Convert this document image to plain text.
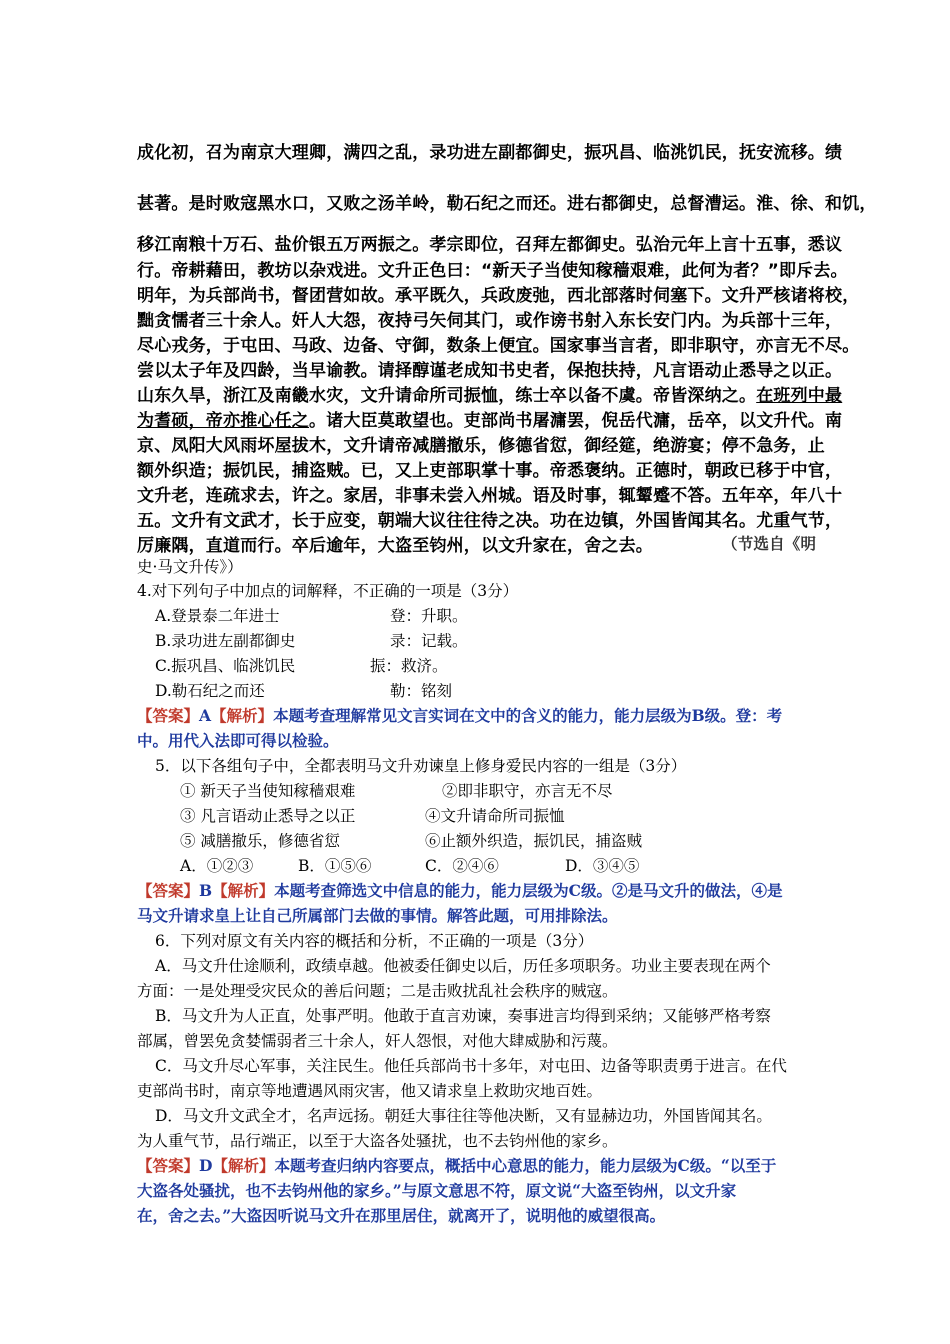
成化初，召为南京大理卿，满四之乱，录功进左副都御史，振巩昌、临洮饥民，抚安流移。绩
甚著。是时败寇黑水口，又败之汤羊岭，勒石纪之而还。进右都御史，总督漕运。淮、徐、和饥，
移江南粮十万石、盐价银五万两振之。孝宗即位，召拜左都御史。弘治元年上言十五事，悉议
行。帝耕藉田，教坊以杂戏进。文升正色曰：“新天子当使知稼穑艰难，此何为者？”即斥去。
明年，为兵部尚书，督团营如故。承平既久，兵政废弛，西北部落时伺塞下。文升严核诸将校，
黜贪懦者三十余人。奸人大怨，夜持弓矢伺其门，或作谤书射入东长安门内。为兵部十三年，
尽心戎务，于屯田、马政、边备、守御，数条上便宜。国家事当言者，即非职守，亦言无不尽。
尝以太子年及四龄，当早谕教。请择醇谨老成知书史者，保抱扶持，凡言语动止悉导之以正。
山东久旱，浙江及南畿水灾，文升请命所司振恤，练士卒以备不虞。帝皆深纳之。在班列中最
为耆硕，帝亦推心任之。诸大臣莫敢望也。吏部尚书屠滽罢，倪岳代滽，岳卒，以文升代。南
京、凤阳大风雨坏屋拔木，文升请帝减膳撤乐，修德省愆，御经筵，绝游宴；停不急务，止
额外织造；振饥民，捕盗贼。已，又上吏部职掌十事。帝悉褒纳。正德时，朝政已移于中官，
文升老，连疏求去，许之。家居，非事未尝入州城。语及时事，辄颦蹙不答。五年卒，年八十
五。文升有文武才，长于应变，朝端大议往往待之决。功在边镇，外国皆闻其名。尤重气节，
厉廉隅，直道而行。卒后逾年，大盗至钧州，以文升家在，舍之去。	（节选自《明
史·马文升传》）
4.对下列句子中加点的词解释，不正确的一项是（3分）
A.登景泰二年进士	登：升职。
B.录功进左副都御史	录：记载。
C.振巩昌、临洮饥民	振：救济。
D.勒石纪之而还	勒：铭刻
【答案】A【解析】本题考查理解常见文言实词在文中的含义的能力，能力层级为B级。登：考
中。用代入法即可得以检验。
5．以下各组句子中，全都表明马文升劝谏皇上修身爱民内容的一组是（3分）
① 新天子当使知稼穑艰难	②即非职守，亦言无不尽
③ 凡言语动止悉导之以正	④文升请命所司振恤
⑤ 减膳撤乐，修德省愆	⑥止额外织造，振饥民，捕盗贼
A．①②③	B．①⑤⑥	C．②④⑥	D．③④⑤
【答案】B【解析】本题考查筛选文中信息的能力，能力层级为C级。②是马文升的做法，④是
马文升请求皇上让自己所属部门去做的事情。解答此题，可用排除法。
6．下列对原文有关内容的概括和分析，不正确的一项是（3分）
A．马文升仕途顺利，政绩卓越。他被委任御史以后，历任多项职务。功业主要表现在两个
方面：一是处理受灾民众的善后问题；二是击败扰乱社会秩序的贼寇。
B．马文升为人正直，处事严明。他敢于直言劝谏，奏事进言均得到采纳；又能够严格考察
部属，曾罢免贪婪懦弱者三十余人，奸人怨恨，对他大肆威胁和污蔑。
C．马文升尽心军事，关注民生。他任兵部尚书十多年，对屯田、边备等职责勇于进言。在代
吏部尚书时，南京等地遭遇风雨灾害，他又请求皇上救助灾地百姓。
D．马文升文武全才，名声远扬。朝廷大事往往等他决断，又有显赫边功，外国皆闻其名。
为人重气节，品行端正，以至于大盗各处骚扰，也不去钧州他的家乡。
【答案】D【解析】本题考查归纳内容要点，概括中心意思的能力，能力层级为C级。“以至于
大盗各处骚扰，也不去钧州他的家乡。”与原文意思不符，原文说“大盗至钧州，以文升家
在，舍之去。”大盗因听说马文升在那里居住，就离开了，说明他的威望很高。
